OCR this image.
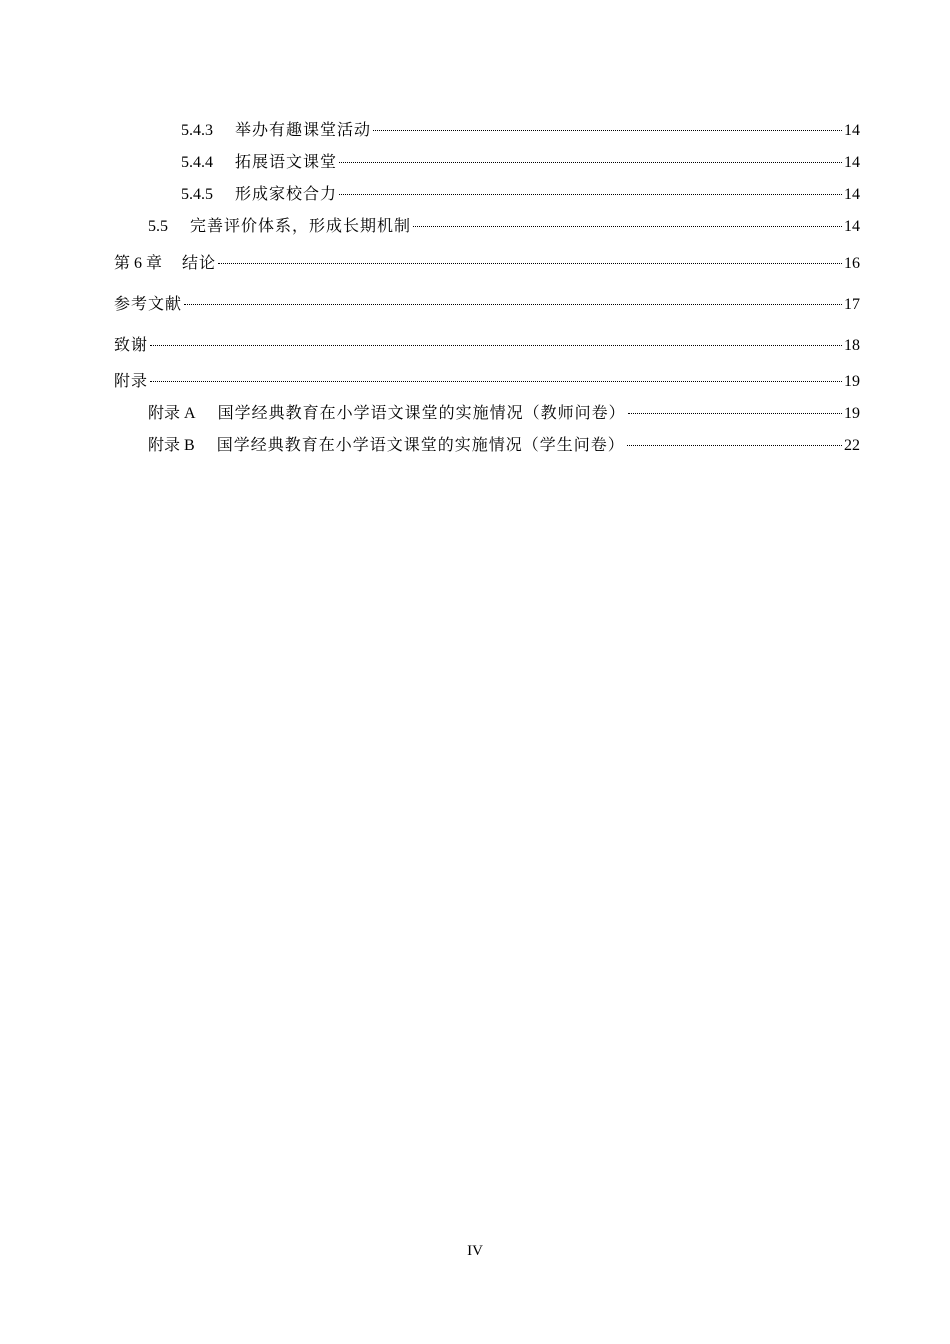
5.4.3 举办有趣课堂活动	14
5.4.4 拓展语文课堂	14
5.4.5 形成家校合力	14
5.5 完善评价体系，形成长期机制	14
第 6 章 结论	16
参考文献	17
致谢	18
附录	19
附录 A 国学经典教育在小学语文课堂的实施情况（教师问卷）	19
附录 B 国学经典教育在小学语文课堂的实施情况（学生问卷）	22
IV
